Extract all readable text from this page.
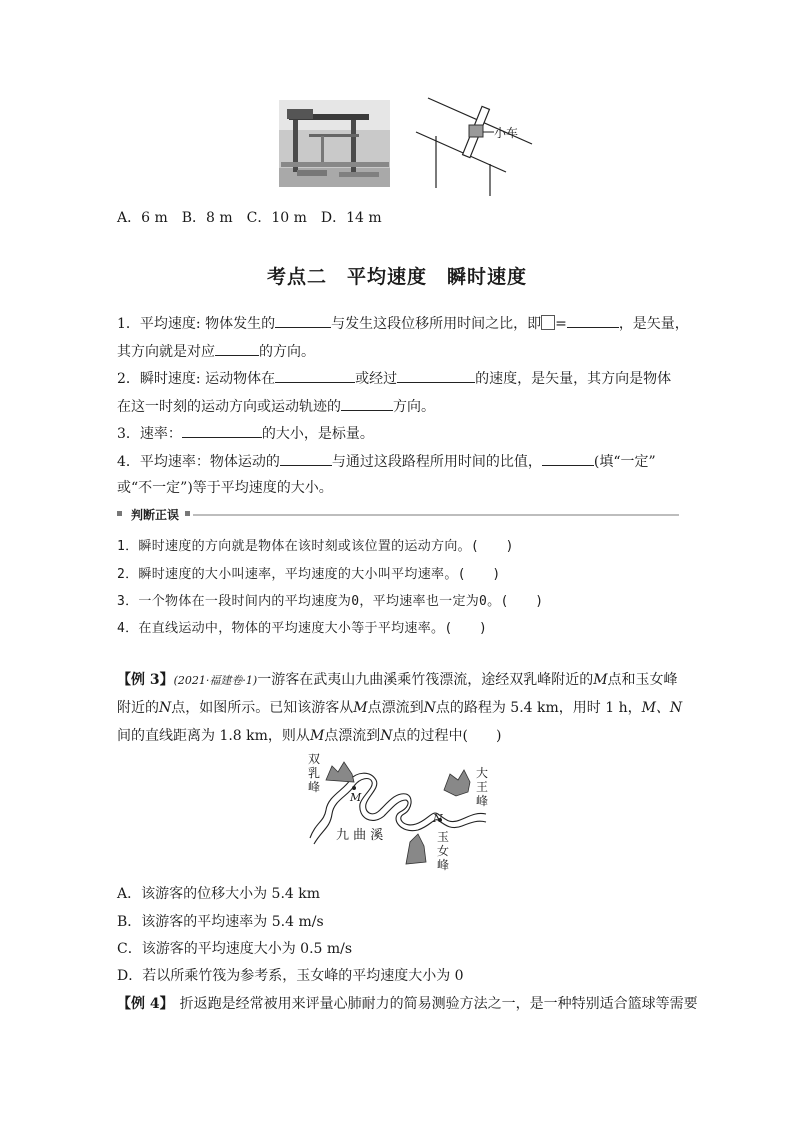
小车
A．6 m　B．8 m　C．10 m　D．14 m
考点二　平均速度　瞬时速度
1．平均速度: 物体发生的	与发生这段位移所用时间之比，即 =	，是矢量，
其方向就是对应	的方向。
2．瞬时速度: 运动物体在	或经过	的速度，是矢量，其方向是物体
在这一时刻的运动方向或运动轨迹的	方向。
3．速率：	的大小，是标量。
4．平均速率：物体运动的	与通过这段路程所用时间的比值，	(填“一定”
或“不一定”)等于平均速度的大小。
判断正误
1．瞬时速度的方向就是物体在该时刻或该位置的运动方向。(　　)
2．瞬时速度的大小叫速率，平均速度的大小叫平均速率。(　　)
3．一个物体在一段时间内的平均速度为0，平均速率也一定为0。(　　)
4．在直线运动中，物体的平均速度大小等于平均速率。(　　)
【例 3】(2021·福建卷·1)一游客在武夷山九曲溪乘竹筏漂流，途经双乳峰附近的M点和玉女峰
附近的N点，如图所示。已知该游客从M点漂流到N点的路程为 5.4 km，用时 1 h，M、N
间的直线距离为 1.8 km，则从M点漂流到N点的过程中(　　)
双乳峰
大王峰
玉女峰
九 曲 溪
M
N
A．该游客的位移大小为 5.4 km
B．该游客的平均速率为 5.4 m/s
C．该游客的平均速度大小为 0.5 m/s
D．若以所乘竹筏为参考系，玉女峰的平均速度大小为 0
【例 4】 折返跑是经常被用来评量心肺耐力的简易测验方法之一，是一种特别适合篮球等需要
